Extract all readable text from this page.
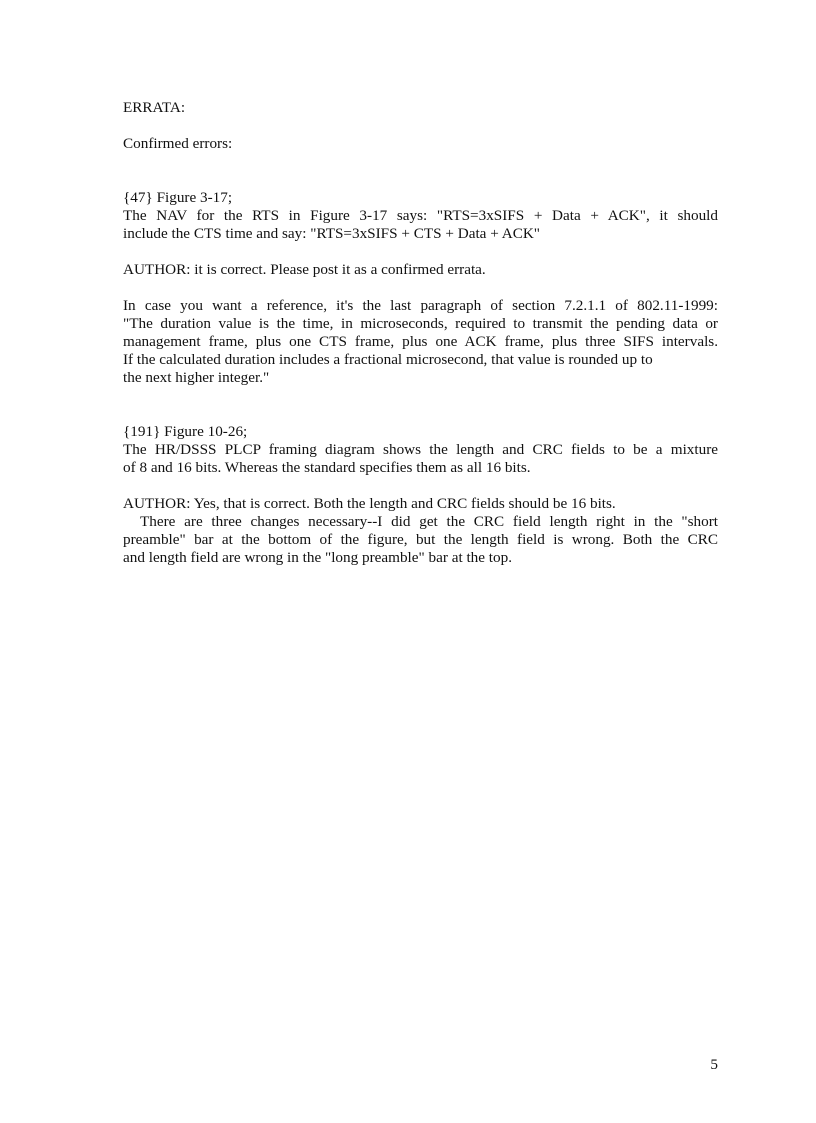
ERRATA:

Confirmed errors:

{47} Figure 3-17;

The NAV for the RTS in Figure 3-17 says: "RTS=3xSIFS + Data + ACK", it should

include the CTS time and say: "RTS=3xSIFS + CTS + Data + ACK"

AUTHOR: it is correct. Please post it as a confirmed errata.

In case you want a reference, it's the last paragraph of section 7.2.1.1 of 802.11-1999:

"The duration value is the time, in microseconds, required to transmit the pending data or

management frame, plus one CTS frame, plus one ACK frame, plus three SIFS intervals.

If the calculated duration includes a fractional microsecond, that value is rounded up to

the next higher integer."

{191} Figure 10-26;

The HR/DSSS PLCP framing diagram shows the length and CRC fields to be a mixture

of 8 and 16 bits. Whereas the standard specifies them as all 16 bits.

AUTHOR: Yes, that is correct. Both the length and CRC fields should be 16 bits.

There are three changes necessary--I did get the CRC field length right in the "short

preamble" bar at the bottom of the figure, but the length field is wrong. Both the CRC

and length field are wrong in the "long preamble" bar at the top.

5
